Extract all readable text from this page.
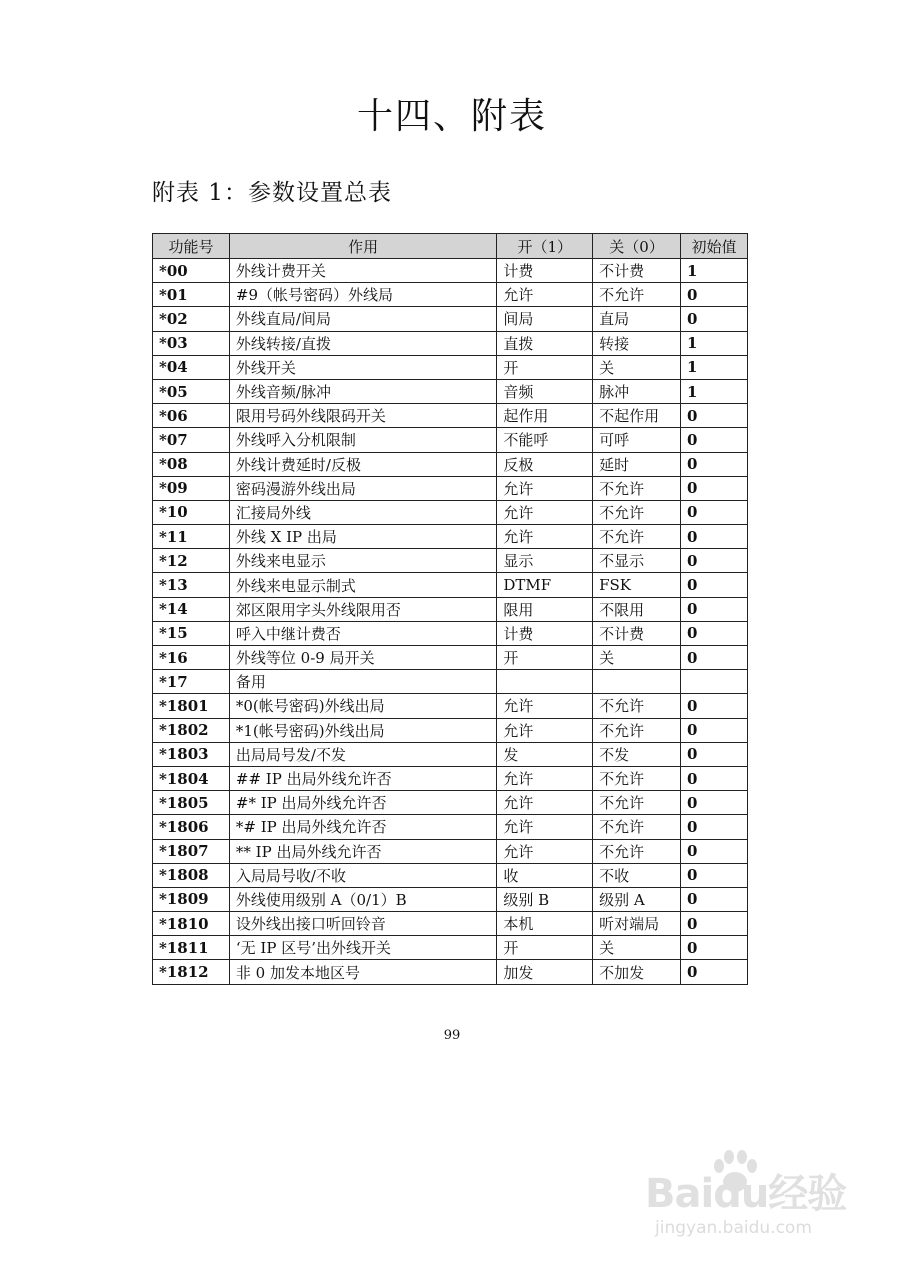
十四、附表
附表 1：参数设置总表
功能号	作用	开（1）	关（0）	初始值
*00	外线计费开关	计费	不计费	1
*01	#9（帐号密码）外线局	允许	不允许	0
*02	外线直局/间局	间局	直局	0
*03	外线转接/直拨	直拨	转接	1
*04	外线开关	开	关	1
*05	外线音频/脉冲	音频	脉冲	1
*06	限用号码外线限码开关	起作用	不起作用	0
*07	外线呼入分机限制	不能呼	可呼	0
*08	外线计费延时/反极	反极	延时	0
*09	密码漫游外线出局	允许	不允许	0
*10	汇接局外线	允许	不允许	0
*11	外线 X IP 出局	允许	不允许	0
*12	外线来电显示	显示	不显示	0
*13	外线来电显示制式	DTMF	FSK	0
*14	郊区限用字头外线限用否	限用	不限用	0
*15	呼入中继计费否	计费	不计费	0
*16	外线等位 0-9 局开关	开	关	0
*17	备用			
*1801	*0(帐号密码)外线出局	允许	不允许	0
*1802	*1(帐号密码)外线出局	允许	不允许	0
*1803	出局局号发/不发	发	不发	0
*1804	## IP 出局外线允许否	允许	不允许	0
*1805	#* IP 出局外线允许否	允许	不允许	0
*1806	*# IP 出局外线允许否	允许	不允许	0
*1807	** IP 出局外线允许否	允许	不允许	0
*1808	入局局号收/不收	收	不收	0
*1809	外线使用级别 A（0/1）B	级别 B	级别 A	0
*1810	设外线出接口听回铃音	本机	听对端局	0
*1811	‘无 IP 区号’出外线开关	开	关	0
*1812	非 0 加发本地区号	加发	不加发	0
99
Baidu经验
jingyan.baidu.com
